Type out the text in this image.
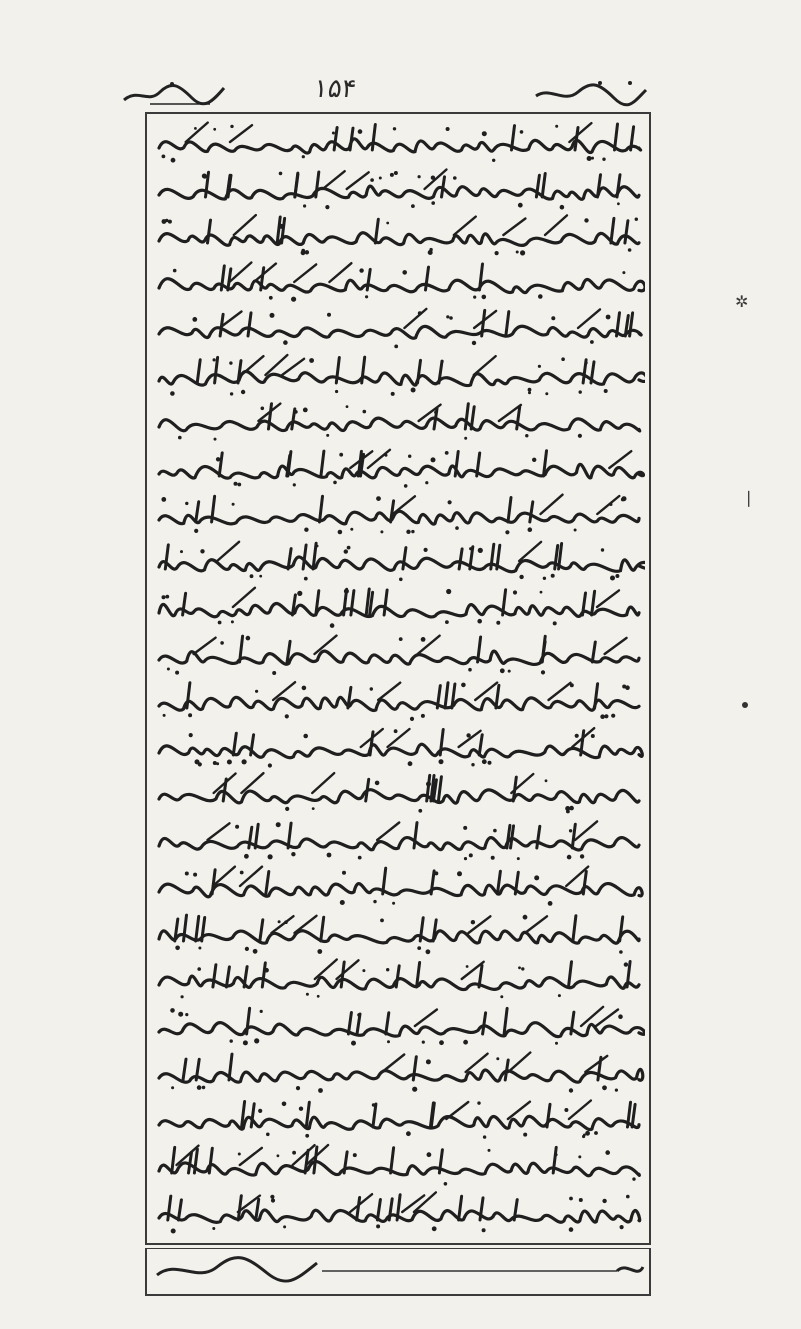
۱۵۴
✲
❘
